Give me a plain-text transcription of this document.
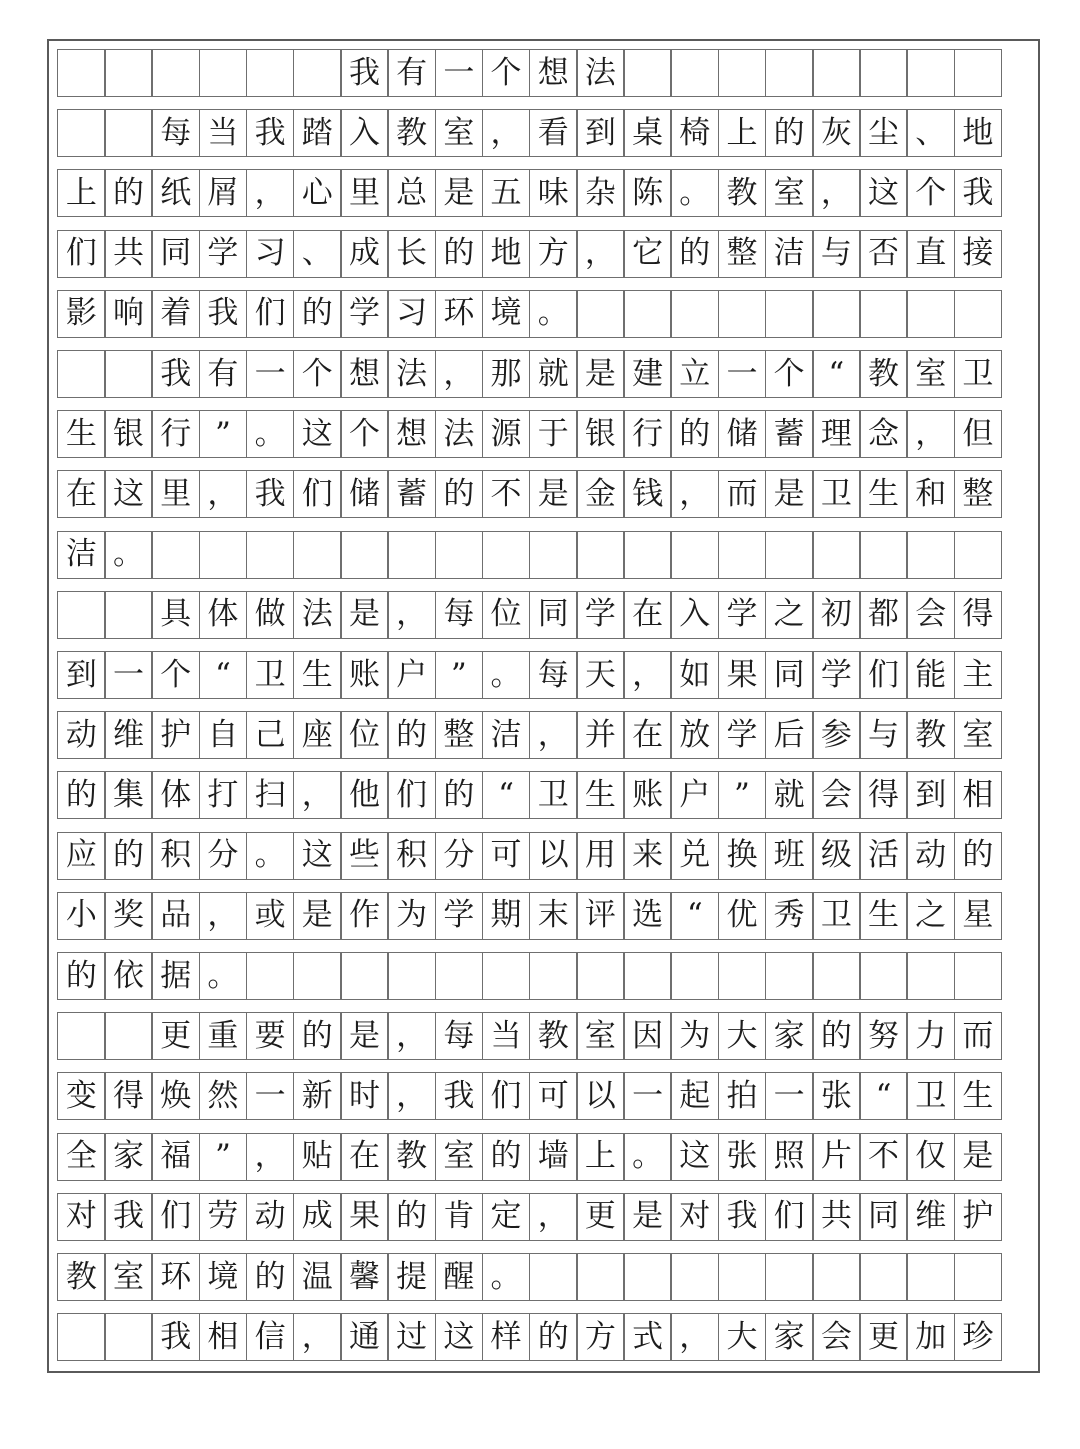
我 有 一 个 想 法
每 当 我 踏 入 教 室 ， 看 到 桌 椅 上 的 灰 尘 、 地
上 的 纸 屑 ， 心 里 总 是 五 味 杂 陈 。 教 室 ， 这 个 我
们 共 同 学 习 、 成 长 的 地 方 ， 它 的 整 洁 与 否 直 接
影 响 着 我 们 的 学 习 环 境 。
我 有 一 个 想 法 ， 那 就 是 建 立 一 个 “ 教 室 卫
生 银 行 ” 。 这 个 想 法 源 于 银 行 的 储 蓄 理 念 ， 但
在 这 里 ， 我 们 储 蓄 的 不 是 金 钱 ， 而 是 卫 生 和 整
洁 。
具 体 做 法 是 ， 每 位 同 学 在 入 学 之 初 都 会 得
到 一 个 “ 卫 生 账 户 ” 。 每 天 ， 如 果 同 学 们 能 主
动 维 护 自 己 座 位 的 整 洁 ， 并 在 放 学 后 参 与 教 室
的 集 体 打 扫 ， 他 们 的 “ 卫 生 账 户 ” 就 会 得 到 相
应 的 积 分 。 这 些 积 分 可 以 用 来 兑 换 班 级 活 动 的
小 奖 品 ， 或 是 作 为 学 期 末 评 选 “ 优 秀 卫 生 之 星
的 依 据 。
更 重 要 的 是 ， 每 当 教 室 因 为 大 家 的 努 力 而
变 得 焕 然 一 新 时 ， 我 们 可 以 一 起 拍 一 张 “ 卫 生
全 家 福 ” ， 贴 在 教 室 的 墙 上 。 这 张 照 片 不 仅 是
对 我 们 劳 动 成 果 的 肯 定 ， 更 是 对 我 们 共 同 维 护
教 室 环 境 的 温 馨 提 醒 。
我 相 信 ， 通 过 这 样 的 方 式 ， 大 家 会 更 加 珍
